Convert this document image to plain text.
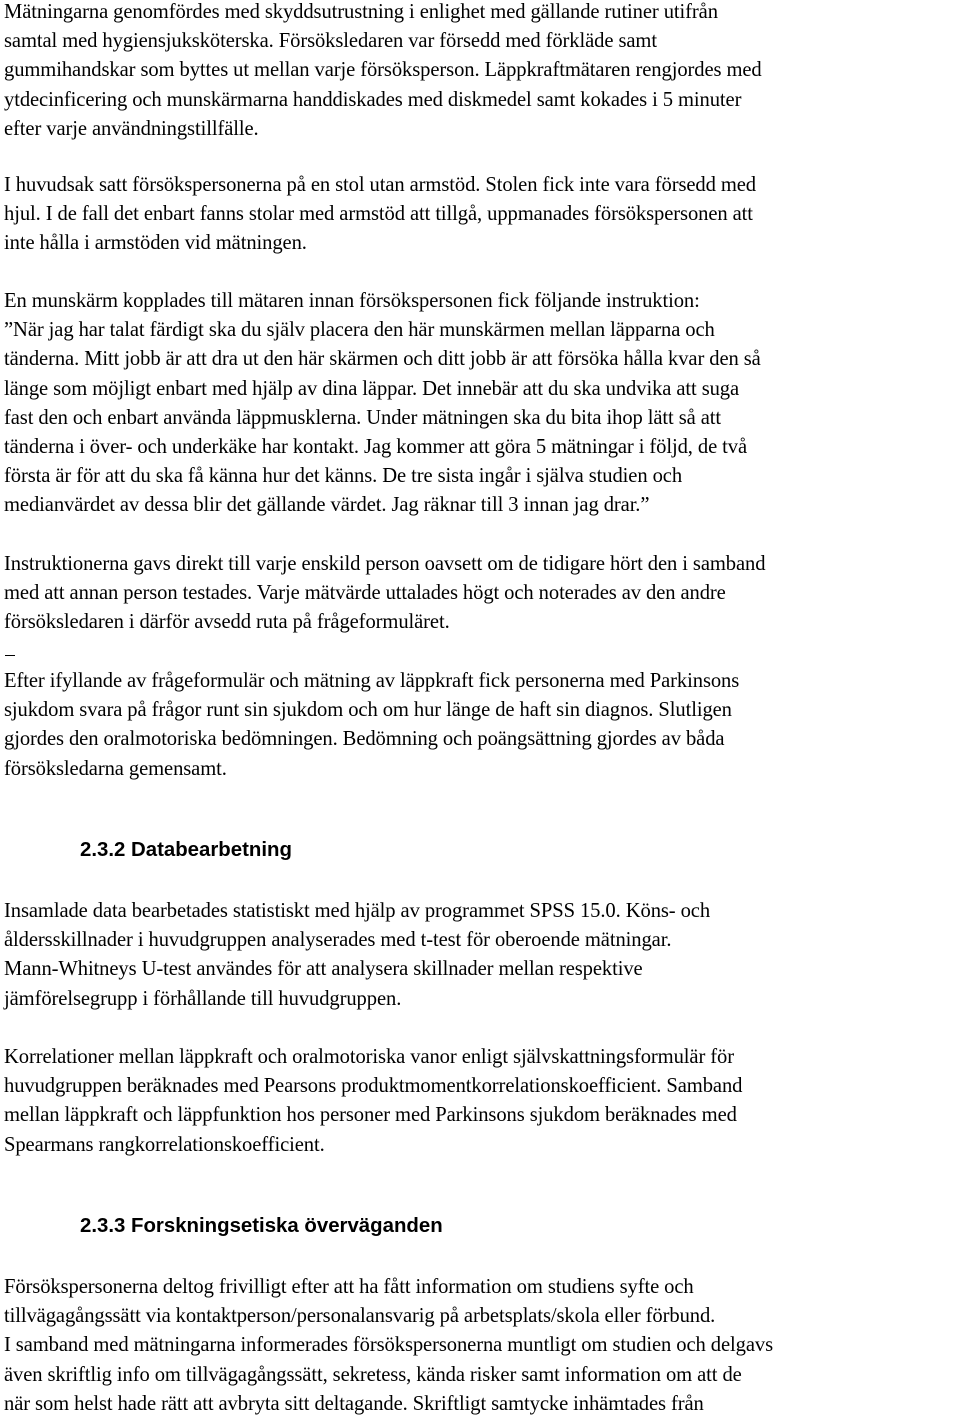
Mätningarna genomfördes med skyddsutrustning i enlighet med gällande rutiner utifrån
samtal med hygiensjuksköterska. Försöksledaren var försedd med förkläde samt
gummihandskar som byttes ut mellan varje försöksperson. Läppkraftmätaren rengjordes med
ytdecinficering och munskärmarna handdiskades med diskmedel samt kokades i 5 minuter
efter varje användningstillfälle.
I huvudsak satt försökspersonerna på en stol utan armstöd. Stolen fick inte vara försedd med
hjul. I de fall det enbart fanns stolar med armstöd att tillgå, uppmanades försökspersonen att
inte hålla i armstöden vid mätningen.
En munskärm kopplades till mätaren innan försökspersonen fick följande instruktion:
”När jag har talat färdigt ska du själv placera den här munskärmen mellan läpparna och
tänderna. Mitt jobb är att dra ut den här skärmen och ditt jobb är att försöka hålla kvar den så
länge som möjligt enbart med hjälp av dina läppar. Det innebär att du ska undvika att suga
fast den och enbart använda läppmusklerna. Under mätningen ska du bita ihop lätt så att
tänderna i över- och underkäke har kontakt. Jag kommer att göra 5 mätningar i följd, de två
första är för att du ska få känna hur det känns. De tre sista ingår i själva studien och
medianvärdet av dessa blir det gällande värdet. Jag räknar till 3 innan jag drar.”
Instruktionerna gavs direkt till varje enskild person oavsett om de tidigare hört den i samband
med att annan person testades. Varje mätvärde uttalades högt och noterades av den andre
försöksledaren i därför avsedd ruta på frågeformuläret.
Efter ifyllande av frågeformulär och mätning av läppkraft fick personerna med Parkinsons
sjukdom svara på frågor runt sin sjukdom och om hur länge de haft sin diagnos. Slutligen
gjordes den oralmotoriska bedömningen. Bedömning och poängsättning gjordes av båda
försöksledarna gemensamt.
2.3.2 Databearbetning
Insamlade data bearbetades statistiskt med hjälp av programmet SPSS 15.0. Köns- och
åldersskillnader i huvudgruppen analyserades med t-test för oberoende mätningar.
Mann-Whitneys U-test användes för att analysera skillnader mellan respektive
jämförelsegrupp i förhållande till huvudgruppen.
Korrelationer mellan läppkraft och oralmotoriska vanor enligt självskattningsformulär för
huvudgruppen beräknades med Pearsons produktmomentkorrelationskoefficient. Samband
mellan läppkraft och läppfunktion hos personer med Parkinsons sjukdom beräknades med
Spearmans rangkorrelationskoefficient.
2.3.3 Forskningsetiska överväganden
Försökspersonerna deltog frivilligt efter att ha fått information om studiens syfte och
tillvägagångssätt via kontaktperson/personalansvarig på arbetsplats/skola eller förbund.
I samband med mätningarna informerades försökspersonerna muntligt om studien och delgavs
även skriftlig info om tillvägagångssätt, sekretess, kända risker samt information om att de
när som helst hade rätt att avbryta sitt deltagande. Skriftligt samtycke inhämtades från
